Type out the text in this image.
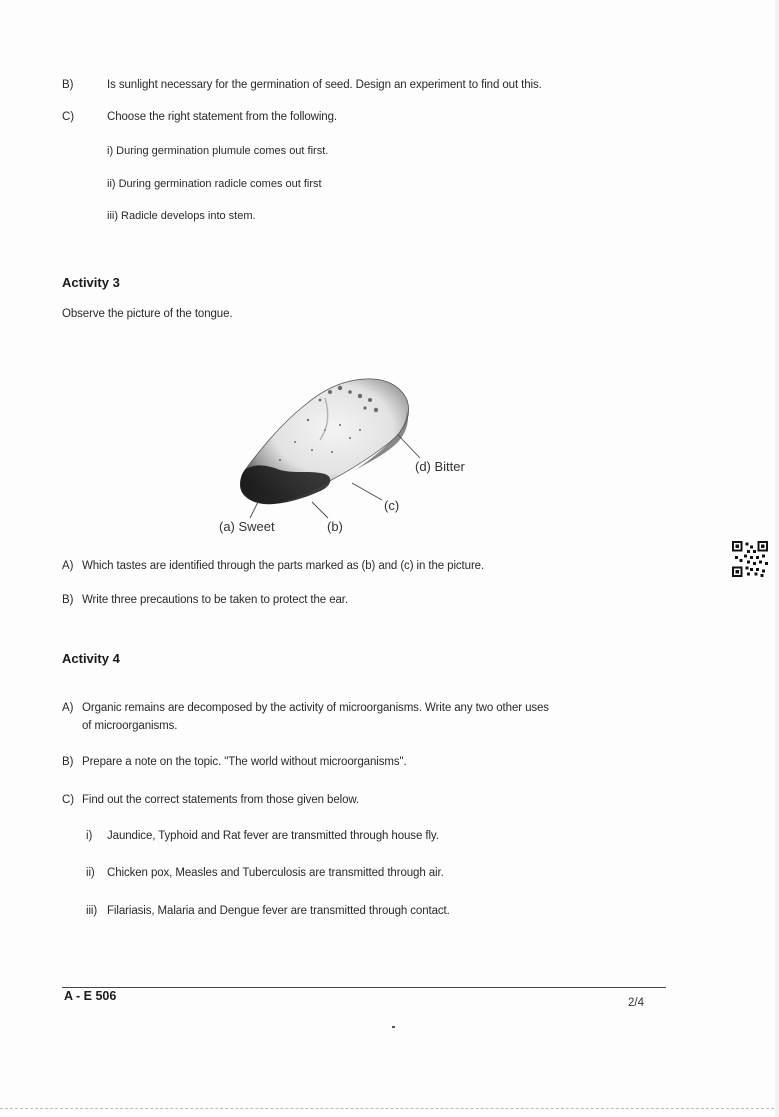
B)	Is sunlight necessary for the germination of seed. Design an experiment to find out this.
C)	Choose the right statement from the following.
i) During germination plumule comes out first.
ii) During germination radicle comes out first
iii) Radicle develops into stem.
Activity 3
Observe the picture of the tongue.
(d) Bitter
(c)
(a) Sweet	(b)
A) Which tastes are identified through the parts marked as (b) and (c) in the picture.
B) Write three precautions to be taken to protect the ear.
Activity 4
A) Organic remains are decomposed by the activity of microorganisms. Write any two other uses
of microorganisms.
B) Prepare a note on the topic. "The world without microorganisms".
C) Find out the correct statements from those given below.
i) Jaundice, Typhoid and Rat fever are transmitted through house fly.
ii) Chicken pox, Measles and Tuberculosis are transmitted through air.
iii) Filariasis, Malaria and Dengue fever are transmitted through contact.
A - E 506	2/4
